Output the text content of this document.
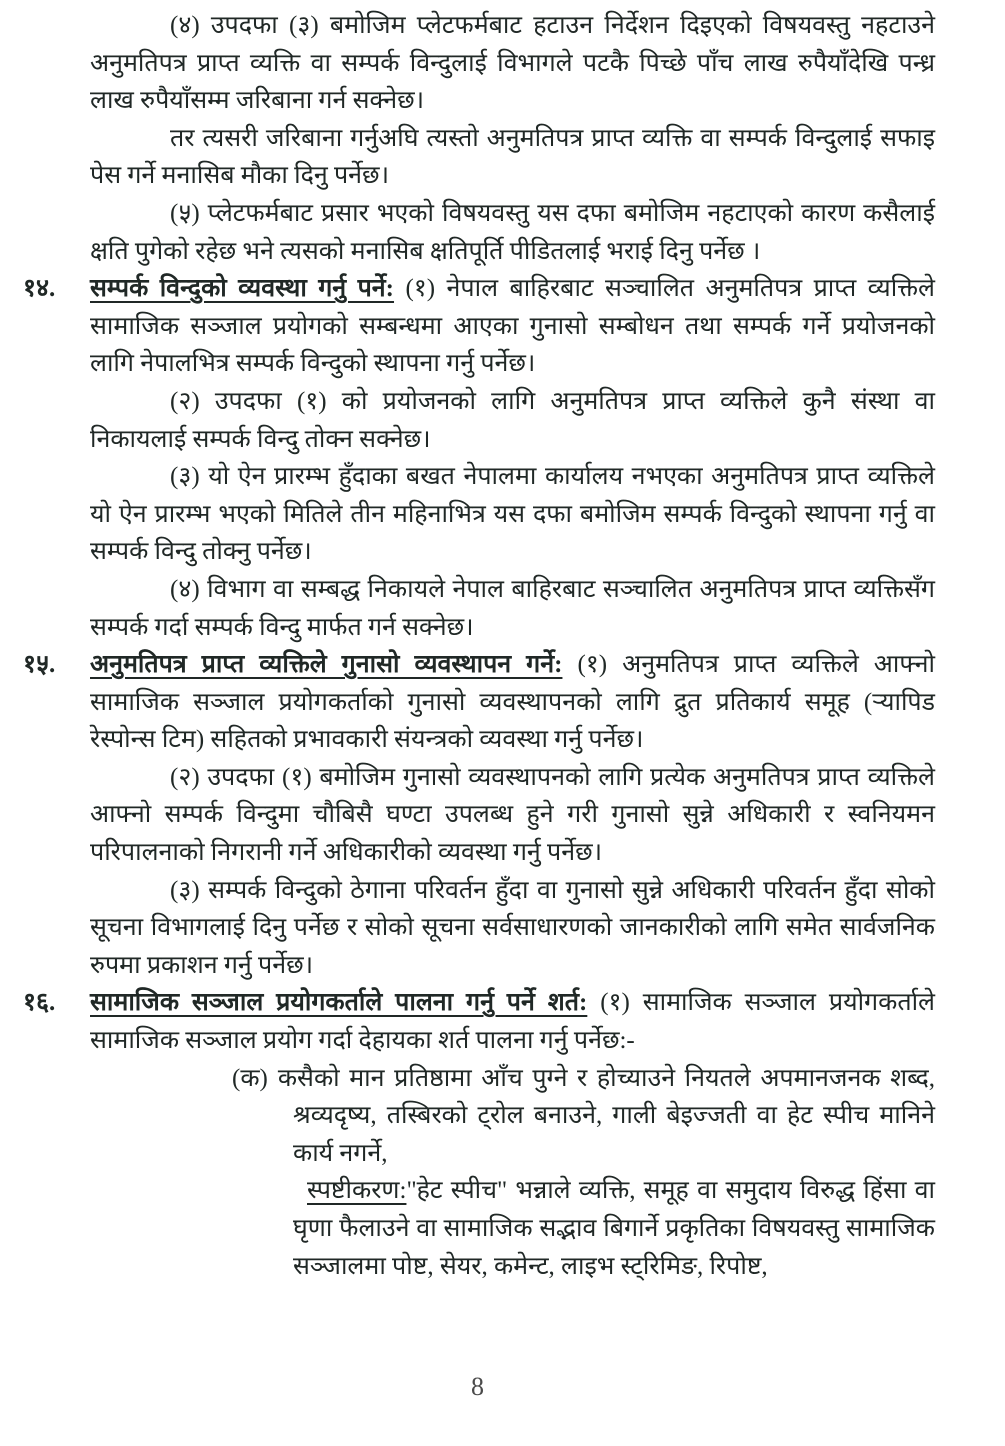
(४) उपदफा (३) बमोजिम प्लेटफर्मबाट हटाउन निर्देशन दिइएको विषयवस्तु नहटाउने अनुमतिपत्र प्राप्त व्यक्ति वा सम्पर्क विन्दुलाई विभागले पटकै पिच्छे पाँच लाख रुपैयाँदेखि पन्ध्र लाख रुपैयाँसम्म जरिबाना गर्न सक्नेछ।
तर त्यसरी जरिबाना गर्नुअघि त्यस्तो अनुमतिपत्र प्राप्त व्यक्ति वा सम्पर्क विन्दुलाई सफाइ पेस गर्ने मनासिब मौका दिनु पर्नेछ।
(५) प्लेटफर्मबाट प्रसार भएको विषयवस्तु यस दफा बमोजिम नहटाएको कारण कसैलाई क्षति पुगेको रहेछ भने त्यसको मनासिब क्षतिपूर्ति पीडितलाई भराई दिनु पर्नेछ ।
१४. सम्पर्क विन्दुको व्यवस्था गर्नु पर्ने: (१) नेपाल बाहिरबाट सञ्चालित अनुमतिपत्र प्राप्त व्यक्तिले सामाजिक सञ्जाल प्रयोगको सम्बन्धमा आएका गुनासो सम्बोधन तथा सम्पर्क गर्ने प्रयोजनको लागि नेपालभित्र सम्पर्क विन्दुको स्थापना गर्नु पर्नेछ।
(२) उपदफा (१) को प्रयोजनको लागि अनुमतिपत्र प्राप्त व्यक्तिले कुनै संस्था वा निकायलाई सम्पर्क विन्दु तोक्न सक्नेछ।
(३) यो ऐन प्रारम्भ हुँदाका बखत नेपालमा कार्यालय नभएका अनुमतिपत्र प्राप्त व्यक्तिले यो ऐन प्रारम्भ भएको मितिले तीन महिनाभित्र यस दफा बमोजिम सम्पर्क विन्दुको स्थापना गर्नु वा सम्पर्क विन्दु तोक्नु पर्नेछ।
(४) विभाग वा सम्बद्ध निकायले नेपाल बाहिरबाट सञ्चालित अनुमतिपत्र प्राप्त व्यक्तिसँग सम्पर्क गर्दा सम्पर्क विन्दु मार्फत गर्न सक्नेछ।
१५. अनुमतिपत्र प्राप्त व्यक्तिले गुनासो व्यवस्थापन गर्ने: (१) अनुमतिपत्र प्राप्त व्यक्तिले आफ्नो सामाजिक सञ्जाल प्रयोगकर्ताको गुनासो व्यवस्थापनको लागि द्रुत प्रतिकार्य समूह (र्‍यापिड रेस्पोन्स टिम) सहितको प्रभावकारी संयन्त्रको व्यवस्था गर्नु पर्नेछ।
(२) उपदफा (१) बमोजिम गुनासो व्यवस्थापनको लागि प्रत्येक अनुमतिपत्र प्राप्त व्यक्तिले आफ्नो सम्पर्क विन्दुमा चौबिसै घण्टा उपलब्ध हुने गरी गुनासो सुन्ने अधिकारी र स्वनियमन परिपालनाको निगरानी गर्ने अधिकारीको व्यवस्था गर्नु पर्नेछ।
(३) सम्पर्क विन्दुको ठेगाना परिवर्तन हुँदा वा गुनासो सुन्ने अधिकारी परिवर्तन हुँदा सोको सूचना विभागलाई दिनु पर्नेछ र सोको सूचना सर्वसाधारणको जानकारीको लागि समेत सार्वजनिक रुपमा प्रकाशन गर्नु पर्नेछ।
१६. सामाजिक सञ्जाल प्रयोगकर्ताले पालना गर्नु पर्ने शर्त: (१) सामाजिक सञ्जाल प्रयोगकर्ताले सामाजिक सञ्जाल प्रयोग गर्दा देहायका शर्त पालना गर्नु पर्नेछ:-
(क) कसैको मान प्रतिष्ठामा आँच पुग्ने र होच्याउने नियतले अपमानजनक शब्द, श्रव्यदृष्य, तस्बिरको ट्रोल बनाउने, गाली बेइज्जती वा हेट स्पीच मानिने कार्य नगर्ने,
स्पष्टीकरण:"हेट स्पीच" भन्नाले व्यक्ति, समूह वा समुदाय विरुद्ध हिंसा वा घृणा फैलाउने वा सामाजिक सद्भाव बिगार्ने प्रकृतिका विषयवस्तु सामाजिक सञ्जालमा पोष्ट, सेयर, कमेन्ट, लाइभ स्ट्रिमिङ, रिपोष्ट,
8
